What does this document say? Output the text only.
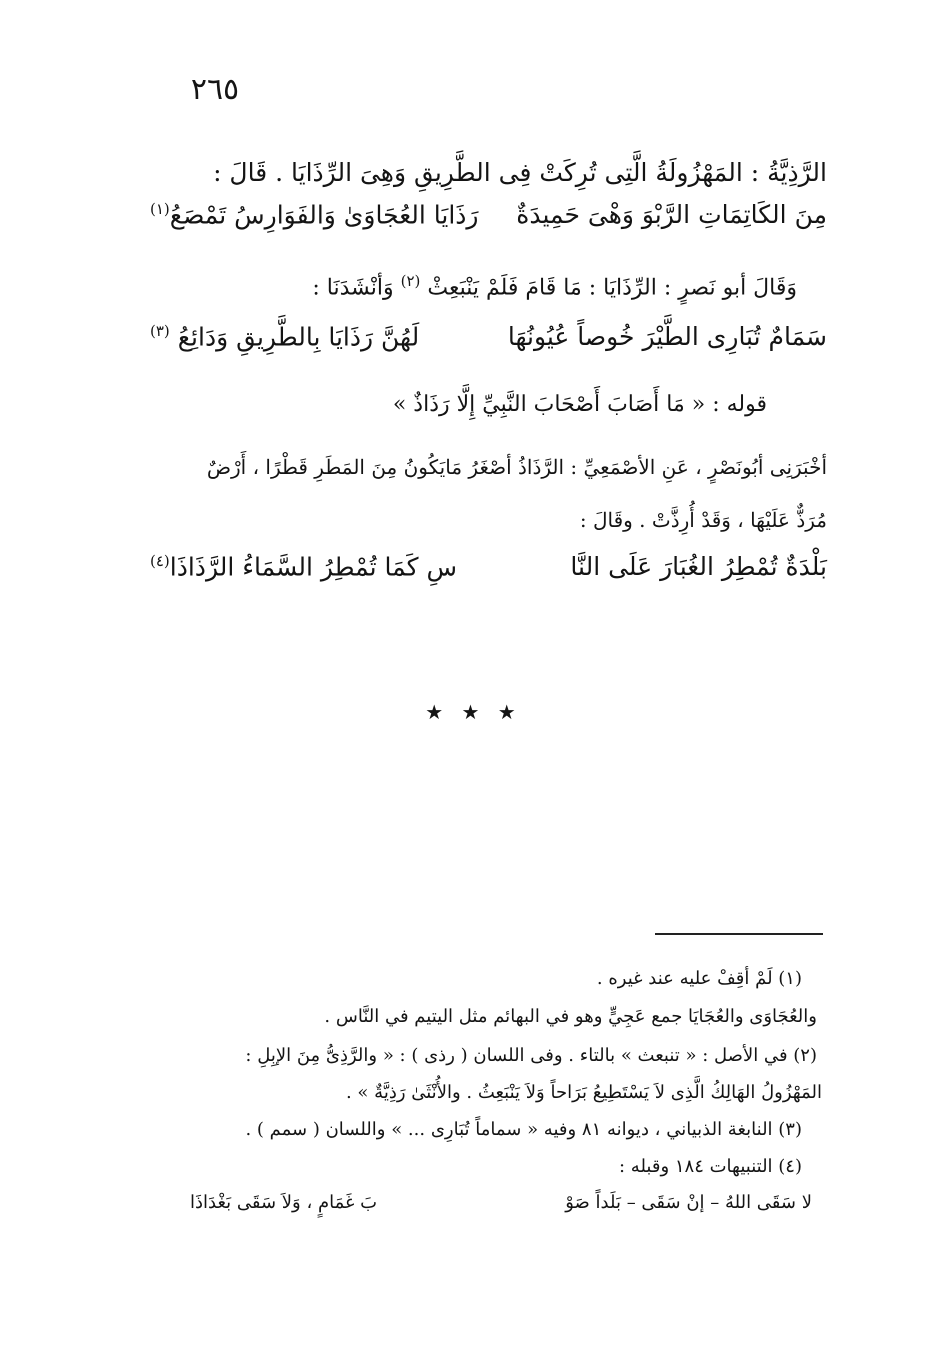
٢٦٥
الرَّذِيَّةُ : المَهْزُولَةُ الَّتِى تُرِكَتْ فِى الطَّرِيقِ وَهِىَ الرِّذَايَا . قَالَ :
مِنَ الكَاتِمَاتِ الرَّبْوَ وَهْىَ حَمِيدَةٌ
رَذَايَا العُجَاوَىٰ وَالفَوَارِسُ تَمْصَعُ$^{(١)}$
وَقَالَ أبو نَصرٍ : الرِّذَايَا : مَا قَامَ فَلَمْ يَنْبَعِثْ $^{(٢)}$ وَأنْشَدَنَا :
سَمَامٌ تُبَارِى الطَّيْرَ خُوصاً عُيُونُهَا
لَهُنَّ رَذَايَا بِالطَّرِيقِ وَدَائِعُ $^{(٣)}$
قوله : « مَا أَصَابَ أَصْحَابَ النَّبِيِّ إِلَّا رَذَاذٌ »
أخْبَرَنِى أبُونَصْرٍ ، عَنِ الأصْمَعِيِّ : الرَّذَاذُ أصْغَرُ مَايَكُونُ مِنَ المَطَرِ قَطْرًا ، أَرْضٌ
مُرَذٌّ عَلَيْهَا ، وَقَدْ أُرِذَّتْ . وقَالَ :
بَلْدَةٌ تُمْطِرُ الغُبَارَ عَلَى النَّا
سِ كَمَا تُمْطِرُ السَّمَاءُ الرَّذَاذَا$^{(٤)}$
★ ★ ★
(١) لَمْ أقِفْ عليه عند غيره .
والعُجَاوَى والعُجَايَا جمع عَجِيٍّ وهو في البهائم مثل اليتيم في النَّاس .
(٢) في الأصل : « تنبعث » بالتاء . وفى اللسان ( رذى ) : « والرَّذِىُّ مِنَ الإبِلِ :
المَهْزُولُ الهَالِكُ الَّذِى لاَ يَسْتَطِيعُ بَرَاحاً وَلاَ يَنْبَعِثُ . والأُنْثَىٰ رَذِيَّةٌ » .
(٣) النابغة الذبياني ، ديوانه ٨١ وفيه « سماماً تُبَارِى ... » واللسان ( سمم ) .
(٤) التنبيهات ١٨٤ وقبله :
لا سَقَى اللهُ – إنْ سَقَى – بَلَداً صَوْ
بَ غَمَامٍ ، وَلاَ سَقَى بَغْدَاذَا
